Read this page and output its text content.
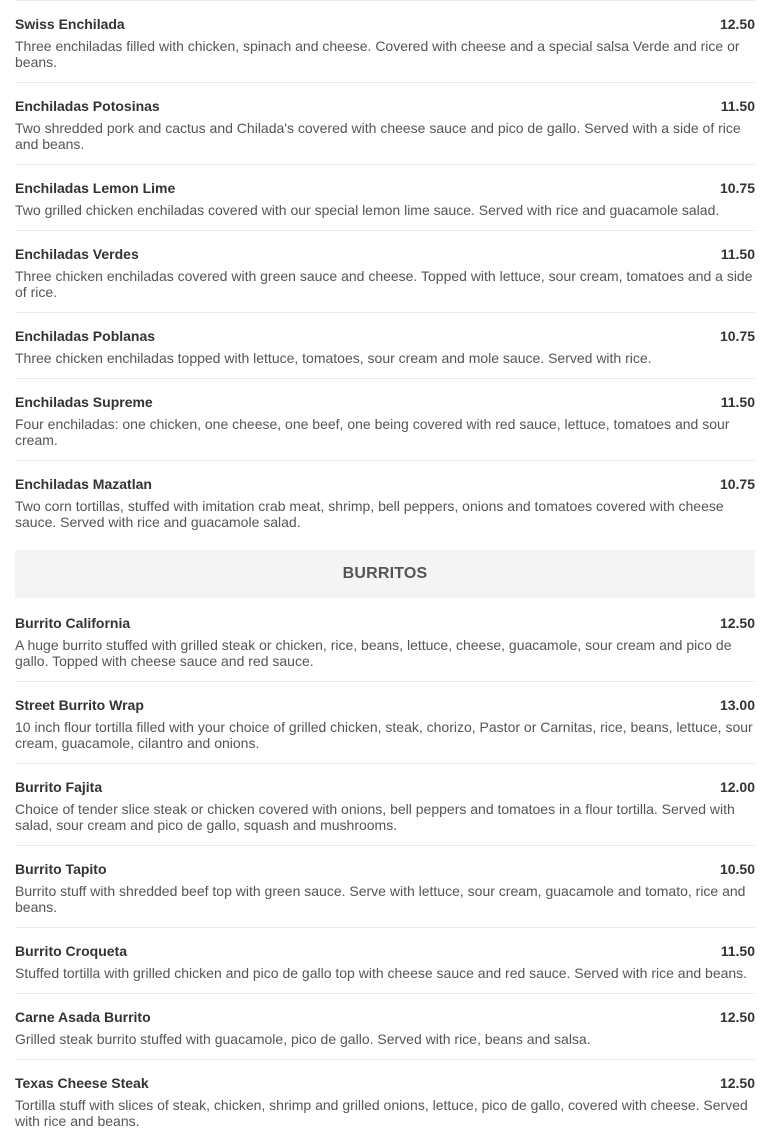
Swiss Enchilada	12.50
Three enchiladas filled with chicken, spinach and cheese. Covered with cheese and a special salsa Verde and rice or beans.
Enchiladas Potosinas	11.50
Two shredded pork and cactus and Chilada's covered with cheese sauce and pico de gallo. Served with a side of rice and beans.
Enchiladas Lemon Lime	10.75
Two grilled chicken enchiladas covered with our special lemon lime sauce. Served with rice and guacamole salad.
Enchiladas Verdes	11.50
Three chicken enchiladas covered with green sauce and cheese. Topped with lettuce, sour cream, tomatoes and a side of rice.
Enchiladas Poblanas	10.75
Three chicken enchiladas topped with lettuce, tomatoes, sour cream and mole sauce. Served with rice.
Enchiladas Supreme	11.50
Four enchiladas: one chicken, one cheese, one beef, one being covered with red sauce, lettuce, tomatoes and sour cream.
Enchiladas Mazatlan	10.75
Two corn tortillas, stuffed with imitation crab meat, shrimp, bell peppers, onions and tomatoes covered with cheese sauce. Served with rice and guacamole salad.
BURRITOS
Burrito California	12.50
A huge burrito stuffed with grilled steak or chicken, rice, beans, lettuce, cheese, guacamole, sour cream and pico de gallo. Topped with cheese sauce and red sauce.
Street Burrito Wrap	13.00
10 inch flour tortilla filled with your choice of grilled chicken, steak, chorizo, Pastor or Carnitas, rice, beans, lettuce, sour cream, guacamole, cilantro and onions.
Burrito Fajita	12.00
Choice of tender slice steak or chicken covered with onions, bell peppers and tomatoes in a flour tortilla. Served with salad, sour cream and pico de gallo, squash and mushrooms.
Burrito Tapito	10.50
Burrito stuff with shredded beef top with green sauce. Serve with lettuce, sour cream, guacamole and tomato, rice and beans.
Burrito Croqueta	11.50
Stuffed tortilla with grilled chicken and pico de gallo top with cheese sauce and red sauce. Served with rice and beans.
Carne Asada Burrito	12.50
Grilled steak burrito stuffed with guacamole, pico de gallo. Served with rice, beans and salsa.
Texas Cheese Steak	12.50
Tortilla stuff with slices of steak, chicken, shrimp and grilled onions, lettuce, pico de gallo, covered with cheese. Served with rice and beans.
